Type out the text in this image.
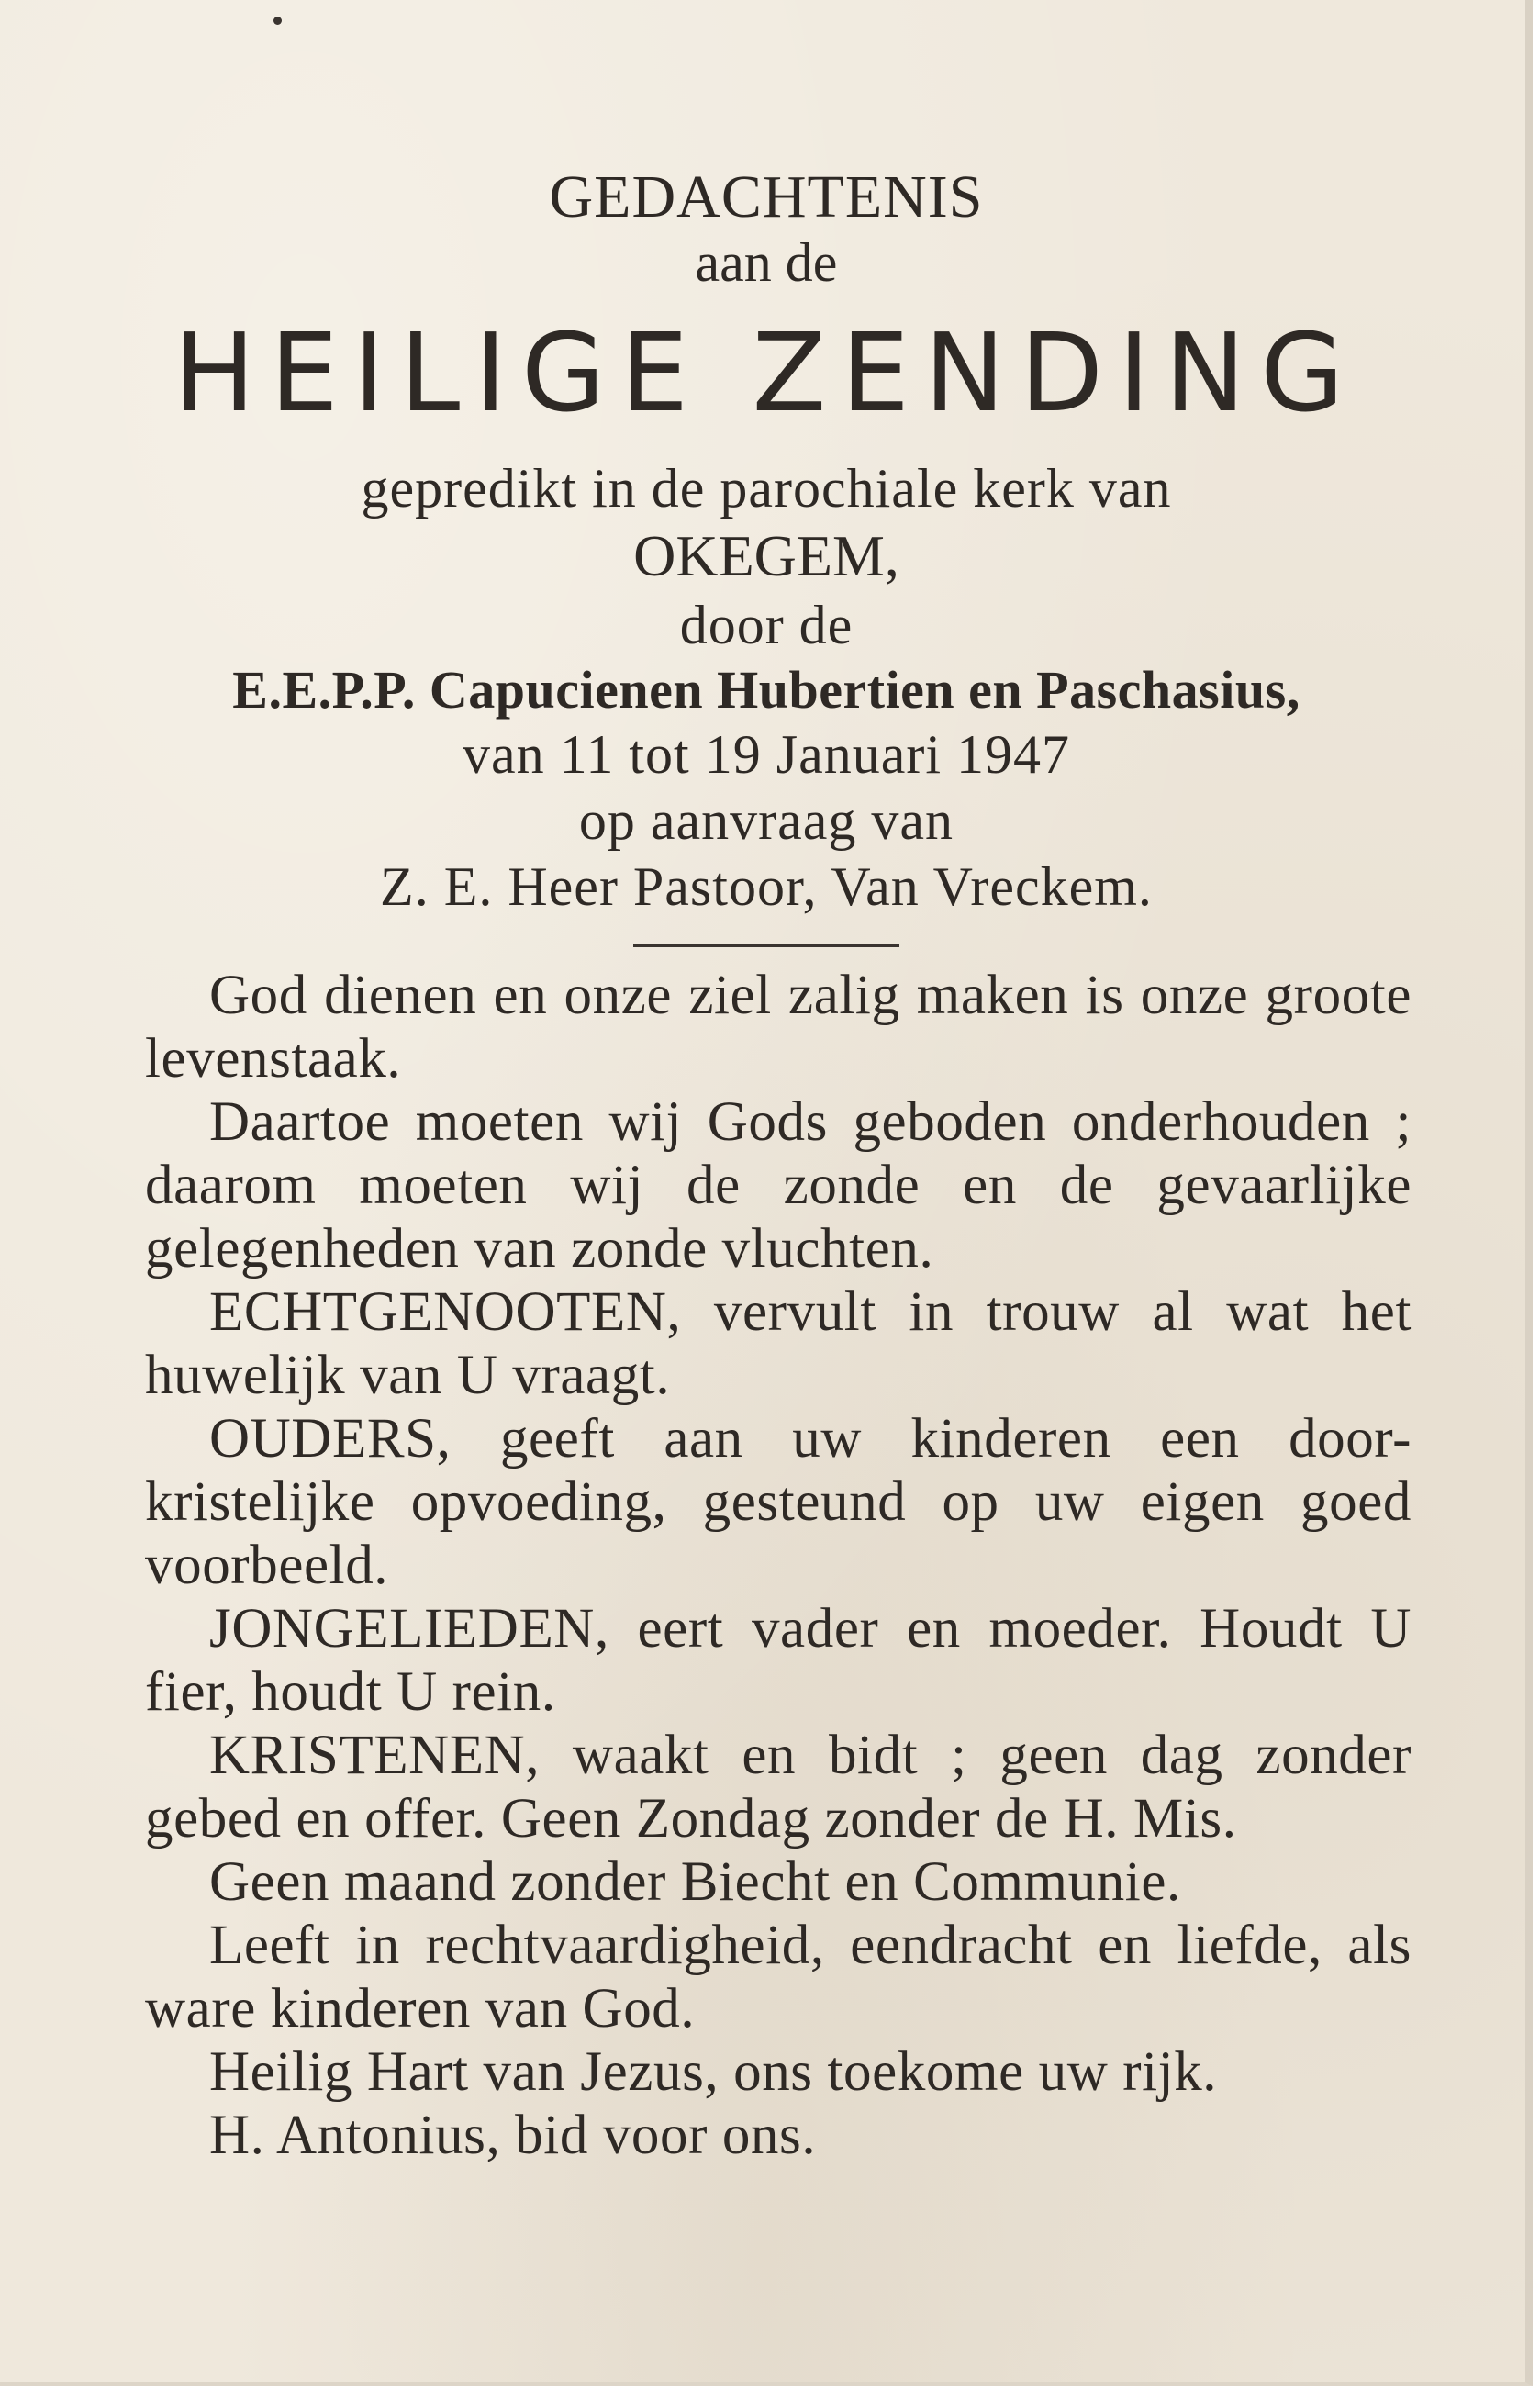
GEDACHTENIS
aan de
HEILIGE ZENDING
gepredikt in de parochiale kerk van
OKEGEM,
door de
E.E.P.P. Capucienen Hubertien en Paschasius,
van 11 tot 19 Januari 1947
op aanvraag van
Z. E. Heer Pastoor, Van Vreckem.

God dienen en onze ziel zalig maken is onze groote levenstaak.

Daartoe moeten wij Gods geboden onderhouden ; daarom moeten wij de zonde en de gevaarlijke gelegenheden van zonde vluchten.

ECHTGENOOTEN, vervult in trouw al wat het huwelijk van U vraagt.

OUDERS, geeft aan uw kinderen een door-kristelijke opvoeding, gesteund op uw eigen goed voorbeeld.

JONGELIEDEN, eert vader en moeder. Houdt U fier, houdt U rein.

KRISTENEN, waakt en bidt ; geen dag zonder gebed en offer. Geen Zondag zonder de H. Mis.

Geen maand zonder Biecht en Communie.

Leeft in rechtvaardigheid, eendracht en liefde, als ware kinderen van God.

Heilig Hart van Jezus, ons toekome uw rijk.

H. Antonius, bid voor ons.
